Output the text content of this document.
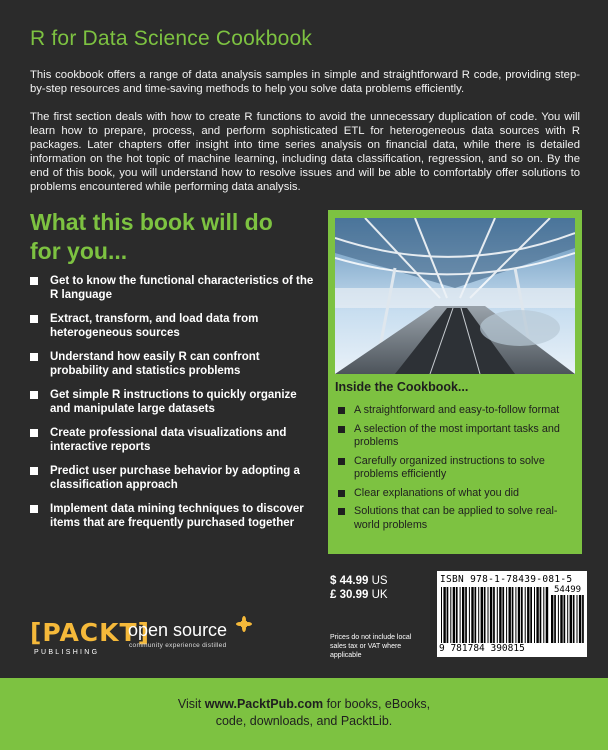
R for Data Science Cookbook

This cookbook offers a range of data analysis samples in simple and straightforward R code, providing step-by-step resources and time-saving methods to help you solve data problems efficiently.

The first section deals with how to create R functions to avoid the unnecessary duplication of code. You will learn how to prepare, process, and perform sophisticated ETL for heterogeneous data sources with R packages. Later chapters offer insight into time series analysis on financial data, while there is detailed information on the hot topic of machine learning, including data classification, regression, and so on. By the end of this book, you will understand how to resolve issues and will be able to comfortably offer solutions to problems encountered while performing data analysis.

What this book will do for you...
Get to know the functional characteristics of the R language
Extract, transform, and load data from heterogeneous sources
Understand how easily R can confront probability and statistics problems
Get simple R instructions to quickly organize and manipulate large datasets
Create professional data visualizations and interactive reports
Predict user purchase behavior by adopting a classification approach
Implement data mining techniques to discover items that are frequently purchased together
Inside the Cookbook...
A straightforward and easy-to-follow format
A selection of the most important tasks and problems
Carefully organized instructions to solve problems efficiently
Clear explanations of what you did
Solutions that can be applied to solve real-world problems
$ 44.99 US
£ 30.99 UK
Prices do not include local sales tax or VAT where applicable
ISBN 978-1-78439-081-5
54499
9 781784 390815
[PACKT]
PUBLISHING
open source
community experience distilled
Visit www.PacktPub.com for books, eBooks,
code, downloads, and PacktLib.
